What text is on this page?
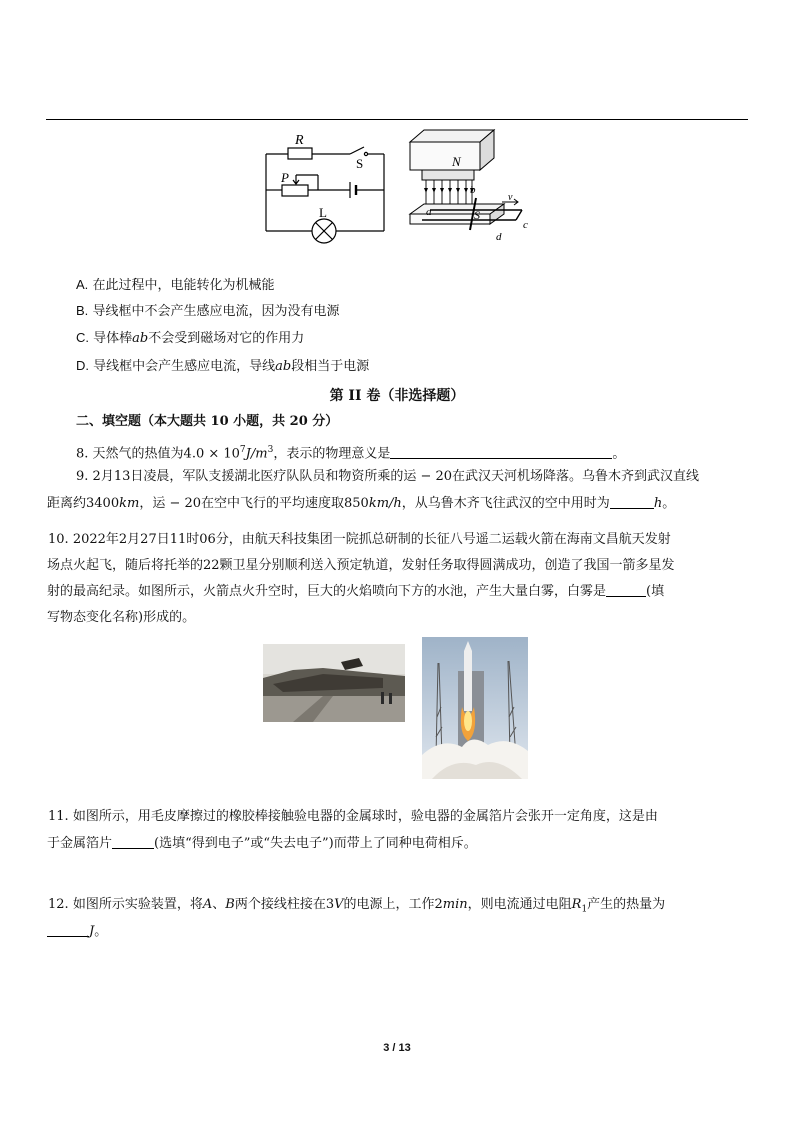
R
S
P
L
N
S
a
b
c
d
v
A. 在此过程中，电能转化为机械能
B. 导线框中不会产生感应电流，因为没有电源
C. 导体棒ab不会受到磁场对它的作用力
D. 导线框中会产生感应电流，导线ab段相当于电源
第 II 卷（非选择题）
二、填空题（本大题共 10 小题，共 20 分）
8. 天然气的热值为$4.0 \times 10^7J/m^3$，表示的物理意义是	。
9. 2月13日凌晨，军队支援湖北医疗队队员和物资所乘的运 − 20在武汉天河机场降落。乌鲁木齐到武汉直线
距离约3400km，运 − 20在空中飞行的平均速度取850km/h，从乌鲁木齐飞往武汉的空中用时为	h。
10. 2022年2月27日11时06分，由航天科技集团一院抓总研制的长征八号遥二运载火箭在海南文昌航天发射
场点火起飞，随后将托举的22颗卫星分别顺利送入预定轨道，发射任务取得圆满成功，创造了我国一箭多星发
射的最高纪录。如图所示，火箭点火升空时，巨大的火焰喷向下方的水池，产生大量白雾，白雾是	(填
写物态变化名称)形成的。
11. 如图所示，用毛皮摩擦过的橡胶棒接触验电器的金属球时，验电器的金属箔片会张开一定角度，这是由
于金属箔片	(选填“得到电子”或“失去电子”)而带上了同种电荷相斥。
12. 如图所示实验装置，将A、B两个接线柱接在3V的电源上，工作2min，则电流通过电阻$R_1$产生的热量为
J。
3 / 13
